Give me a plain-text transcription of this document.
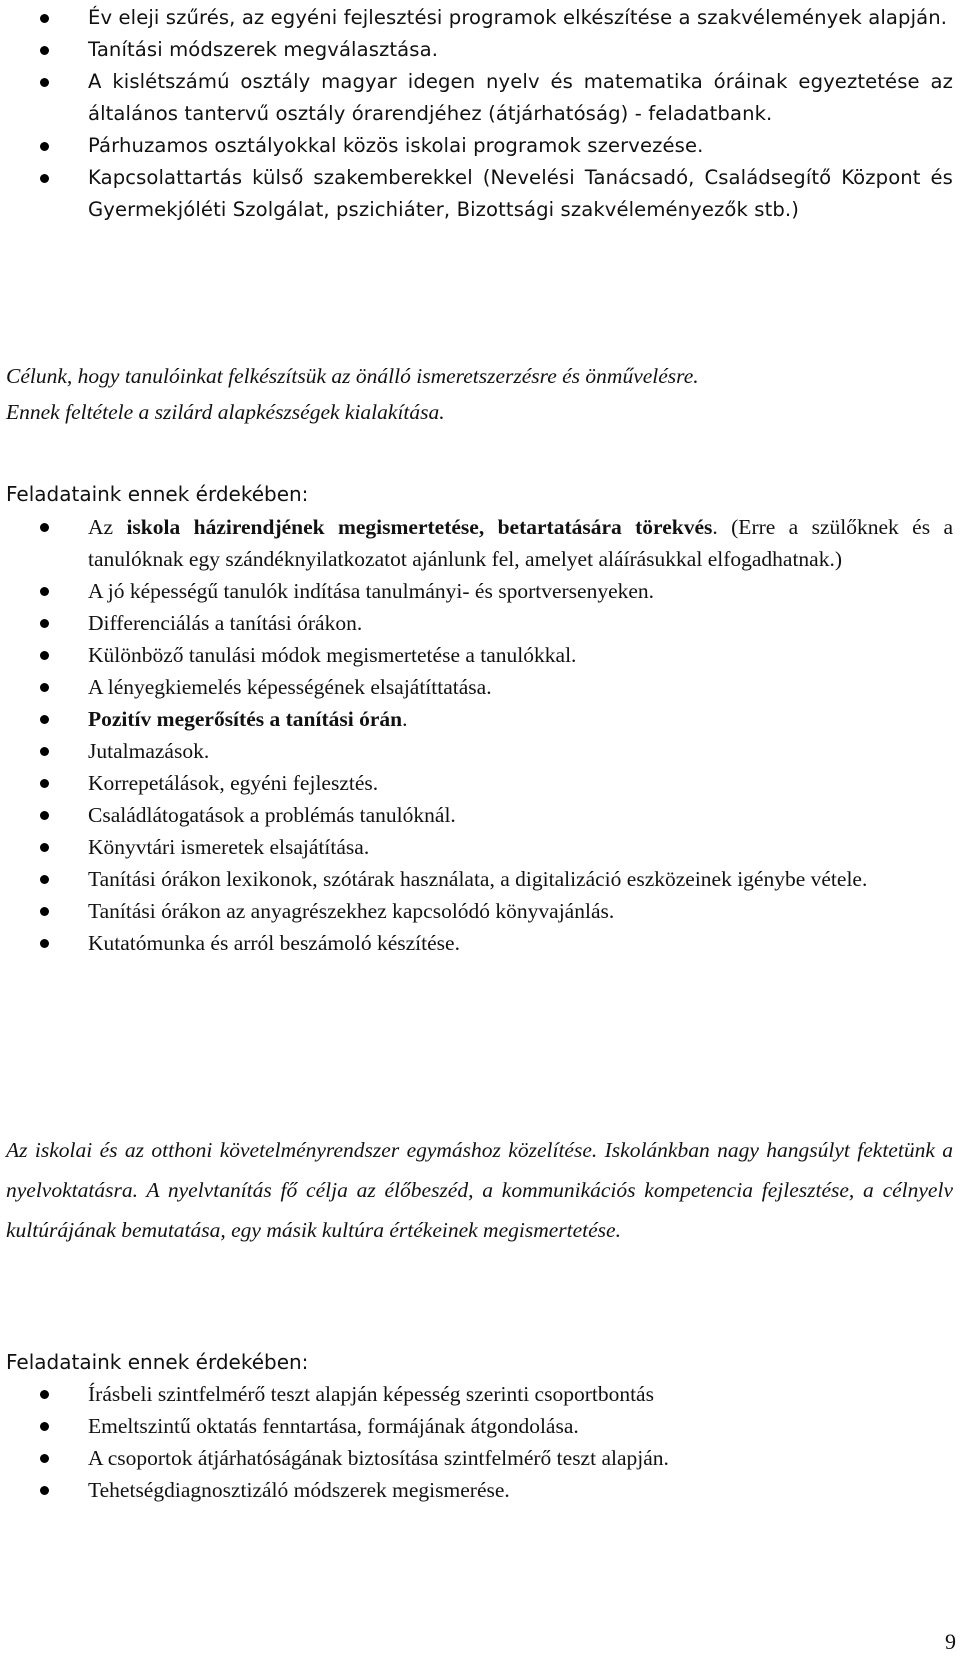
Év eleji szűrés, az egyéni fejlesztési programok elkészítése a szakvélemények alapján.
Tanítási módszerek megválasztása.
A kislétszámú osztály magyar idegen nyelv és matematika óráinak egyeztetése az általános tantervű osztály órarendjéhez (átjárhatóság) - feladatbank.
Párhuzamos osztályokkal közös iskolai programok szervezése.
Kapcsolattartás külső szakemberekkel (Nevelési Tanácsadó, Családsegítő Központ és Gyermekjóléti Szolgálat, pszichiáter, Bizottsági szakvéleményezők stb.)

Célunk, hogy tanulóinkat felkészítsük az önálló ismeretszerzésre és önművelésre.

Ennek feltétele a szilárd alapkészségek kialakítása.

Feladataink ennek érdekében:

Az iskola házirendjének megismertetése, betartatására törekvés. (Erre a szülőknek és a tanulóknak egy szándéknyilatkozatot ajánlunk fel, amelyet aláírásukkal elfogadhatnak.)
A jó képességű tanulók indítása tanulmányi- és sportversenyeken.
Differenciálás a tanítási órákon.
Különböző tanulási módok megismertetése a tanulókkal.
A lényegkiemelés képességének elsajátíttatása.
Pozitív megerősítés a tanítási órán.
Jutalmazások.
Korrepetálások, egyéni fejlesztés.
Családlátogatások a problémás tanulóknál.
Könyvtári ismeretek elsajátítása.
Tanítási órákon lexikonok, szótárak használata, a digitalizáció eszközeinek igénybe vétele.
Tanítási órákon az anyagrészekhez kapcsolódó könyvajánlás.
Kutatómunka és arról beszámoló készítése.

Az iskolai és az otthoni követelményrendszer egymáshoz közelítése. Iskolánkban nagy hangsúlyt fektetünk a nyelvoktatásra. A nyelvtanítás fő célja az élőbeszéd, a kommunikációs kompetencia fejlesztése, a célnyelv kultúrájának bemutatása, egy másik kultúra értékeinek megismertetése.

Feladataink ennek érdekében:

Írásbeli szintfelmérő teszt alapján képesség szerinti csoportbontás
Emeltszintű oktatás fenntartása, formájának átgondolása.
A csoportok átjárhatóságának biztosítása szintfelmérő teszt alapján.
Tehetségdiagnosztizáló módszerek megismerése.
9
